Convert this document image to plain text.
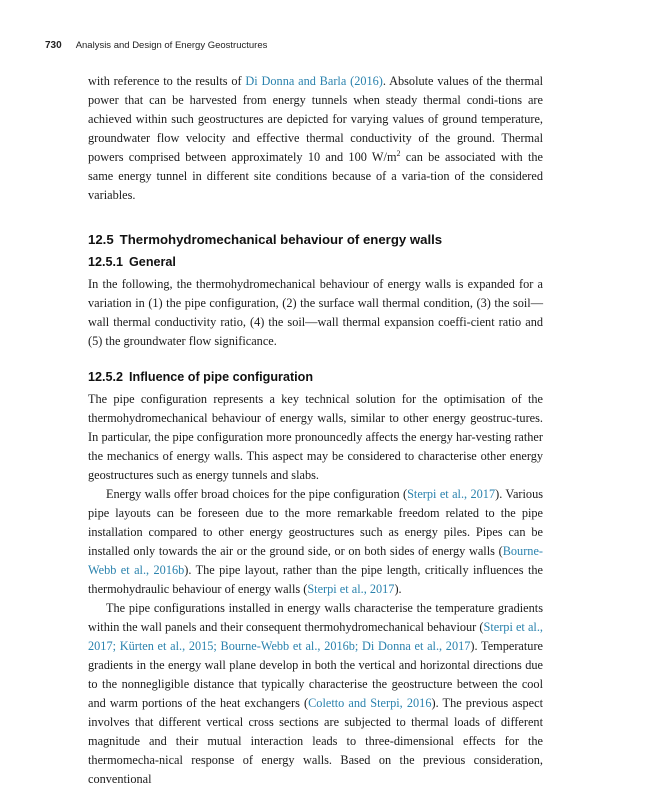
730 Analysis and Design of Energy Geostructures

with reference to the results of Di Donna and Barla (2016). Absolute values of the thermal power that can be harvested from energy tunnels when steady thermal condi-tions are achieved within such geostructures are depicted for varying values of ground temperature, groundwater flow velocity and effective thermal conductivity of the ground. Thermal powers comprised between approximately 10 and 100 $W/m^2$ can be associated with the same energy tunnel in different site conditions because of a varia-tion of the considered variables.

12.5 Thermohydromechanical behaviour of energy walls
12.5.1 General

In the following, the thermohydromechanical behaviour of energy walls is expanded for a variation in (1) the pipe configuration, (2) the surface wall thermal condition, (3) the soil—wall thermal conductivity ratio, (4) the soil—wall thermal expansion coeffi-cient ratio and (5) the groundwater flow significance.

12.5.2 Influence of pipe configuration

The pipe configuration represents a key technical solution for the optimisation of the thermohydromechanical behaviour of energy walls, similar to other energy geostruc-tures. In particular, the pipe configuration more pronouncedly affects the energy har-vesting rather the mechanics of energy walls. This aspect may be considered to characterise other energy geostructures such as energy tunnels and slabs.

Energy walls offer broad choices for the pipe configuration (Sterpi et al., 2017). Various pipe layouts can be foreseen due to the more remarkable freedom related to the pipe installation compared to other energy geostructures such as energy piles. Pipes can be installed only towards the air or the ground side, or on both sides of energy walls (Bourne-Webb et al., 2016b). The pipe layout, rather than the pipe length, critically influences the thermohydraulic behaviour of energy walls (Sterpi et al., 2017).

The pipe configurations installed in energy walls characterise the temperature gradients within the wall panels and their consequent thermohydromechanical behaviour (Sterpi et al., 2017; Kürten et al., 2015; Bourne-Webb et al., 2016b; Di Donna et al., 2017). Temperature gradients in the energy wall plane develop in both the vertical and horizontal directions due to the nonnegligible distance that typically characterise the geostructure between the cool and warm portions of the heat exchangers (Coletto and Sterpi, 2016). The previous aspect involves that different vertical cross sections are subjected to thermal loads of different magnitude and their mutual interaction leads to three-dimensional effects for the thermomecha-nical response of energy walls. Based on the previous consideration, conventional
